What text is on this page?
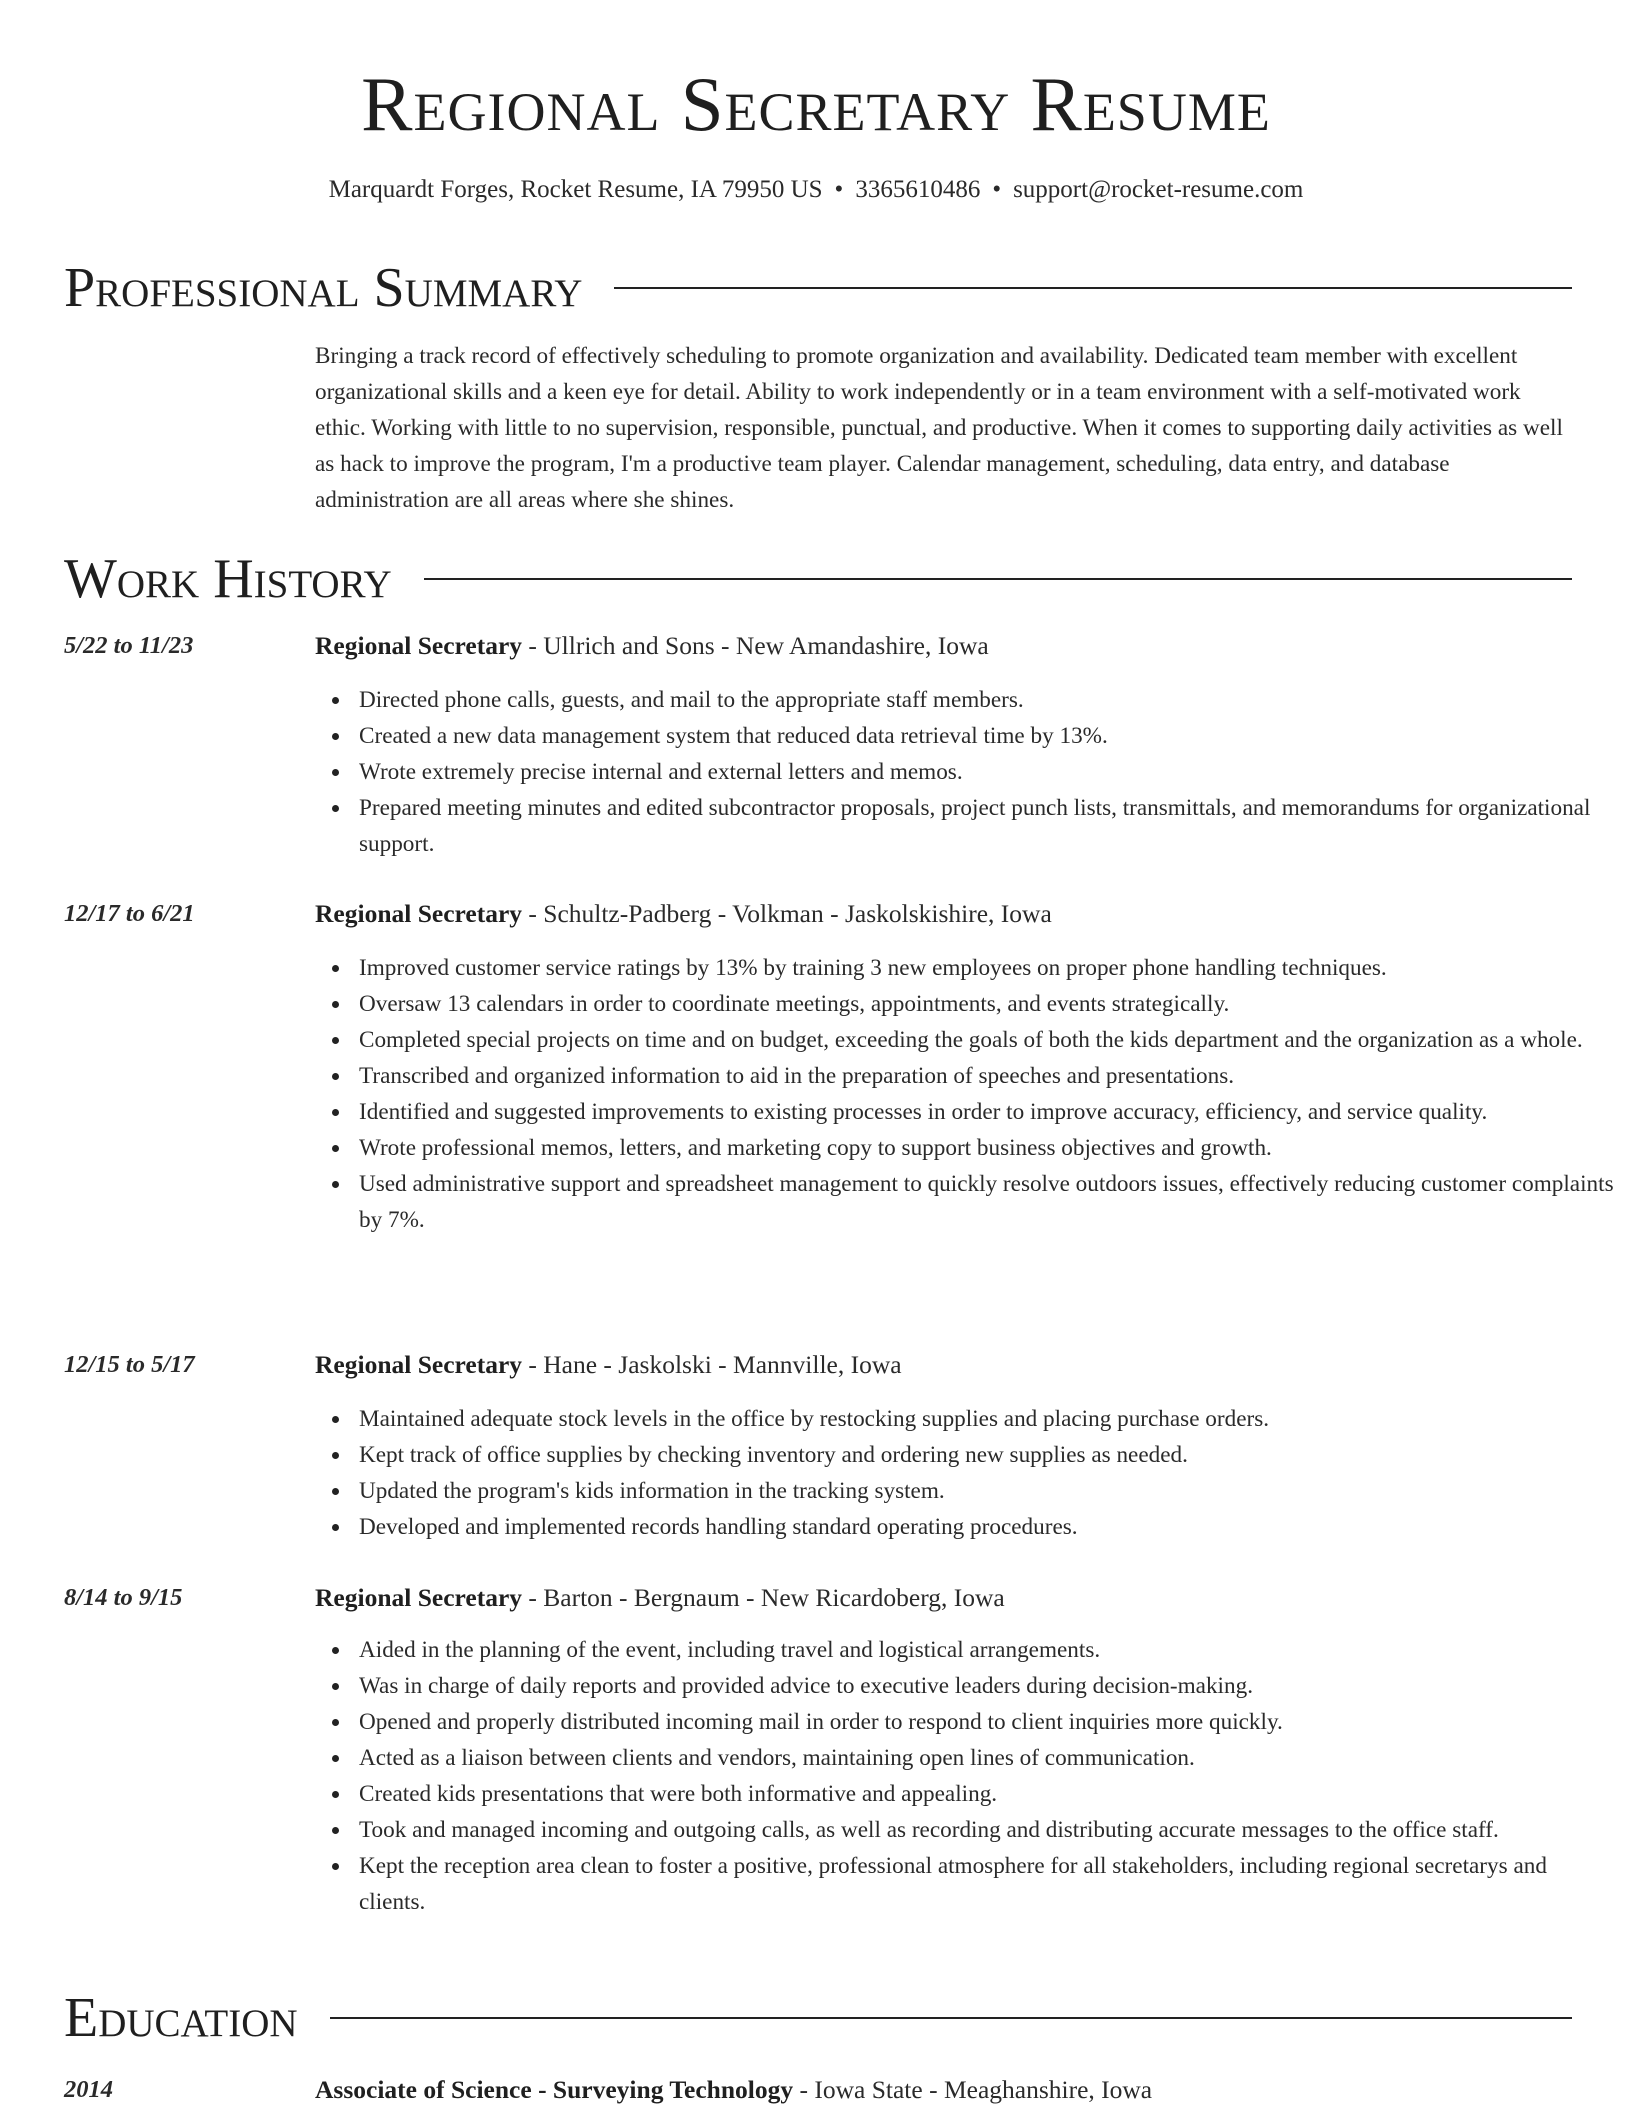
Regional Secretary Resume
Marquardt Forges, Rocket Resume, IA 79950 US • 3365610486 • support@rocket-resume.com
Professional Summary
Bringing a track record of effectively scheduling to promote organization and availability. Dedicated team member with excellent organizational skills and a keen eye for detail. Ability to work independently or in a team environment with a self-motivated work ethic. Working with little to no supervision, responsible, punctual, and productive. When it comes to supporting daily activities as well as hack to improve the program, I'm a productive team player. Calendar management, scheduling, data entry, and database administration are all areas where she shines.
Work History
5/22 to 11/23	Regional Secretary - Ullrich and Sons - New Amandashire, Iowa
Directed phone calls, guests, and mail to the appropriate staff members.
Created a new data management system that reduced data retrieval time by 13%.
Wrote extremely precise internal and external letters and memos.
Prepared meeting minutes and edited subcontractor proposals, project punch lists, transmittals, and memorandums for organizational support.
12/17 to 6/21	Regional Secretary - Schultz-Padberg - Volkman - Jaskolskishire, Iowa
Improved customer service ratings by 13% by training 3 new employees on proper phone handling techniques.
Oversaw 13 calendars in order to coordinate meetings, appointments, and events strategically.
Completed special projects on time and on budget, exceeding the goals of both the kids department and the organization as a whole.
Transcribed and organized information to aid in the preparation of speeches and presentations.
Identified and suggested improvements to existing processes in order to improve accuracy, efficiency, and service quality.
Wrote professional memos, letters, and marketing copy to support business objectives and growth.
Used administrative support and spreadsheet management to quickly resolve outdoors issues, effectively reducing customer complaints by 7%.
12/15 to 5/17	Regional Secretary - Hane - Jaskolski - Mannville, Iowa
Maintained adequate stock levels in the office by restocking supplies and placing purchase orders.
Kept track of office supplies by checking inventory and ordering new supplies as needed.
Updated the program's kids information in the tracking system.
Developed and implemented records handling standard operating procedures.
8/14 to 9/15	Regional Secretary - Barton - Bergnaum - New Ricardoberg, Iowa
Aided in the planning of the event, including travel and logistical arrangements.
Was in charge of daily reports and provided advice to executive leaders during decision-making.
Opened and properly distributed incoming mail in order to respond to client inquiries more quickly.
Acted as a liaison between clients and vendors, maintaining open lines of communication.
Created kids presentations that were both informative and appealing.
Took and managed incoming and outgoing calls, as well as recording and distributing accurate messages to the office staff.
Kept the reception area clean to foster a positive, professional atmosphere for all stakeholders, including regional secretarys and clients.
Education
2014	Associate of Science - Surveying Technology - Iowa State - Meaghanshire, Iowa
